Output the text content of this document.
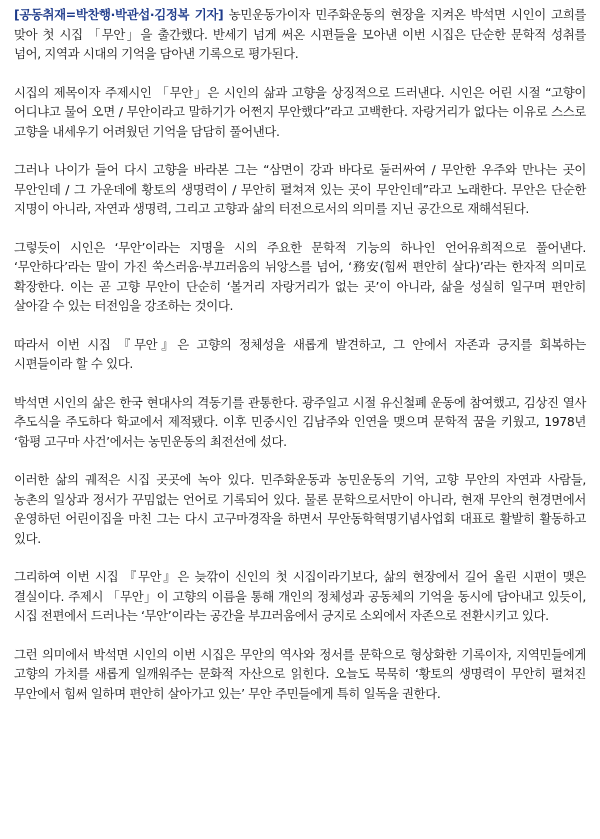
[공동취재=박찬행·박관섭·김정복 기자] 농민운동가이자 민주화운동의 현장을 지켜온 박석면 시인이 고희를 맞아 첫 시집 「무안」을 출간했다. 반세기 넘게 써온 시편들을 모아낸 이번 시집은 단순한 문학적 성취를 넘어, 지역과 시대의 기억을 담아낸 기록으로 평가된다.

시집의 제목이자 주제시인 「무안」은 시인의 삶과 고향을 상징적으로 드러낸다. 시인은 어린 시절 “고향이 어디냐고 물어 오면 / 무안이라고 말하기가 어쩐지 무안했다”라고 고백한다. 자랑거리가 없다는 이유로 스스로 고향을 내세우기 어려웠던 기억을 담담히 풀어낸다.

그러나 나이가 들어 다시 고향을 바라본 그는 “삼면이 강과 바다로 둘러싸여 / 무안한 우주와 만나는 곳이 무안인데 / 그 가운데에 황토의 생명력이 / 무안히 펼쳐져 있는 곳이 무안인데”라고 노래한다. 무안은 단순한 지명이 아니라, 자연과 생명력, 그리고 고향과 삶의 터전으로서의 의미를 지닌 공간으로 재해석된다.

그렇듯이 시인은 ‘무안’이라는 지명을 시의 주요한 문학적 기능의 하나인 언어유희적으로 풀어낸다. ‘무안하다’라는 말이 가진 쑥스러움·부끄러움의 뉘앙스를 넘어, ‘務安(힘써 편안히 살다)’라는 한자적 의미로 확장한다. 이는 곧 고향 무안이 단순히 ‘볼거리 자랑거리가 없는 곳’이 아니라, 삶을 성실히 일구며 편안히 살아갈 수 있는 터전임을 강조하는 것이다.

따라서 이번 시집 『무안』은 고향의 정체성을 새롭게 발견하고, 그 안에서 자존과 긍지를 회복하는 시편들이라 할 수 있다.

박석면 시인의 삶은 한국 현대사의 격동기를 관통한다. 광주일고 시절 유신철폐 운동에 참여했고, 김상진 열사 추도식을 주도하다 학교에서 제적됐다. 이후 민중시인 김남주와 인연을 맺으며 문학적 꿈을 키웠고, 1978년 ‘함평 고구마 사건’에서는 농민운동의 최전선에 섰다.

이러한 삶의 궤적은 시집 곳곳에 녹아 있다. 민주화운동과 농민운동의 기억, 고향 무안의 자연과 사람들, 농촌의 일상과 정서가 꾸밈없는 언어로 기록되어 있다. 물론 문학으로서만이 아니라, 현재 무안의 현경면에서 운영하던 어린이집을 마친 그는 다시 고구마경작을 하면서 무안동학혁명기념사업회 대표로 활발히 활동하고 있다.

그리하여 이번 시집 『무안』은 늦깎이 신인의 첫 시집이라기보다, 삶의 현장에서 길어 올린 시편이 맺은 결실이다. 주제시 「무안」이 고향의 이름을 통해 개인의 정체성과 공동체의 기억을 동시에 담아내고 있듯이, 시집 전편에서 드러나는 ‘무안’이라는 공간을 부끄러움에서 긍지로 소외에서 자존으로 전환시키고 있다.

그런 의미에서 박석면 시인의 이번 시집은 무안의 역사와 정서를 문학으로 형상화한 기록이자, 지역민들에게 고향의 가치를 새롭게 일깨워주는 문화적 자산으로 읽힌다. 오늘도 묵묵히 ‘황토의 생명력이 무안히 펼쳐진 무안에서 힘써 일하며 편안히 살아가고 있는’ 무안 주민들에게 특히 일독을 권한다.
